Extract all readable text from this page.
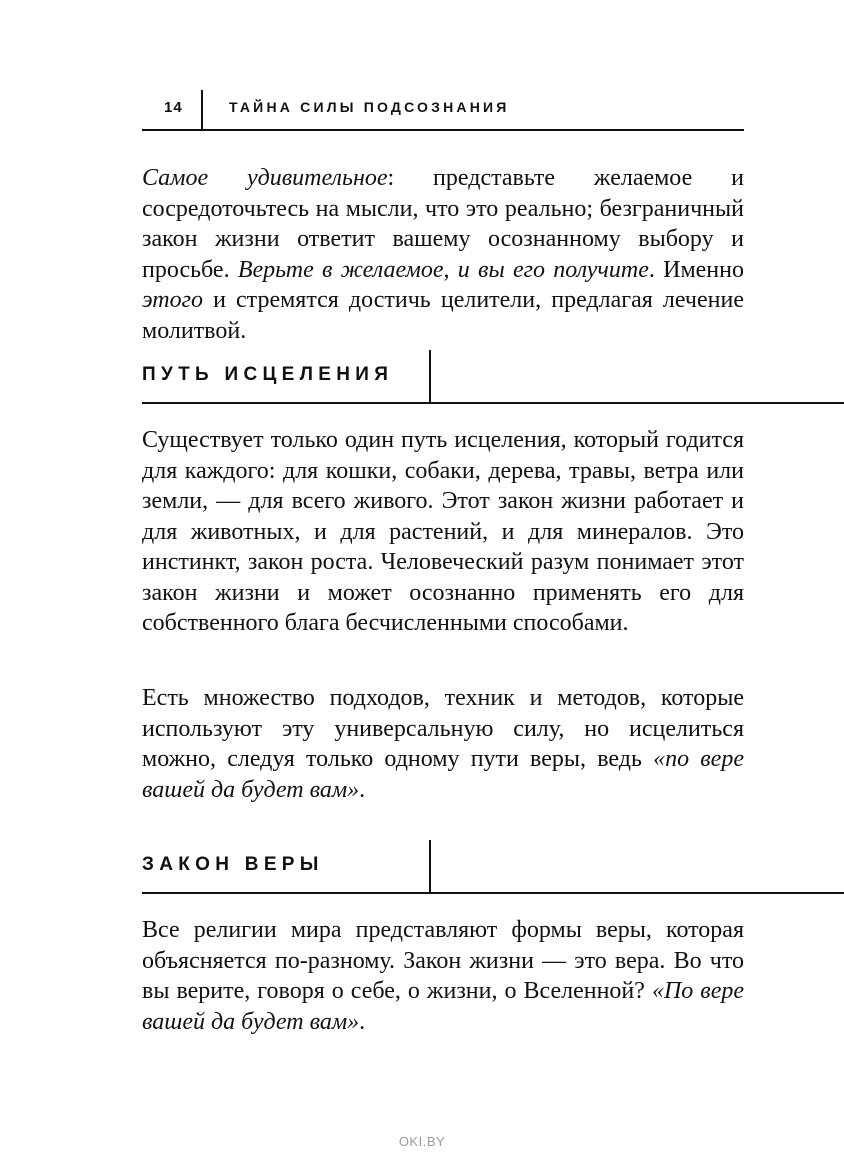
14	ТАЙНА СИЛЫ ПОДСОЗНАНИЯ

Самое удивительное: представьте желаемое и сосредоточьтесь на мысли, что это реально; безграничный закон жизни ответит вашему осознанному выбору и просьбе. Верьте в желаемое, и вы его получите. Именно этого и стремятся достичь целители, предлагая лечение молитвой.

ПУТЬ ИСЦЕЛЕНИЯ

Существует только один путь исцеления, который годится для каждого: для кошки, собаки, дерева, травы, ветра или земли, — для всего живого. Этот закон жизни работает и для животных, и для растений, и для минералов. Это инстинкт, закон роста. Человеческий разум понимает этот закон жизни и может осознанно применять его для собственного блага бесчисленными способами.

Есть множество подходов, техник и методов, которые используют эту универсальную силу, но исцелиться можно, следуя только одному пути веры, ведь «по вере вашей да будет вам».

ЗАКОН ВЕРЫ

Все религии мира представляют формы веры, которая объясняется по-разному. Закон жизни — это вера. Во что вы верите, говоря о себе, о жизни, о Вселенной? «По вере вашей да будет вам».

OKI.BY
